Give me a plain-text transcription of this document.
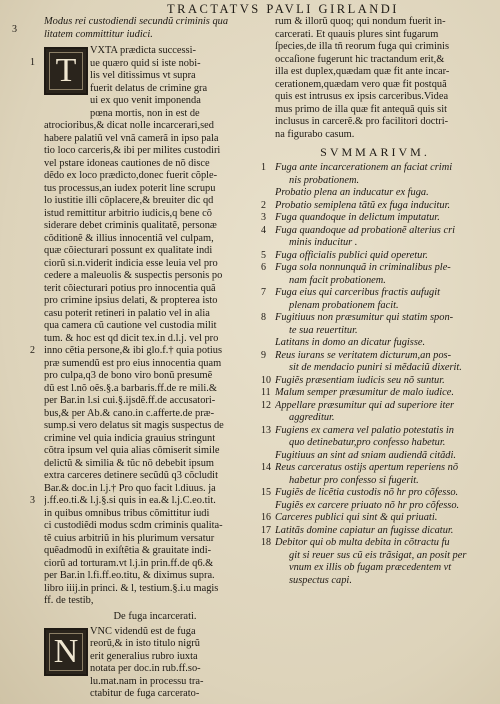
TRACTATVS PAVLI GIRLANDI
3
Modus rei custodiendi secundũ criminis qua
litatem committitur iudici.
T
1
VXTA prædicta successi-
ue quæro quid si iste nobi-
lis vel ditissimus vt supra
fuerit delatus de crimine gra
ui ex quo venit imponenda
pœna mortis, non in est de
atrocioribus,& dicat nolle incarcerari,sed
habere palatiũ vel vnã camerã in ipso pala
tio loco carceris,& ibi per milites custodiri
vel pstare idoneas cautiones de nõ disce
dẽdo ex loco prædicto,donec fuerit cõple-
tus processus,an iudex poterit line scrupu
lo iustitie illi cõplacere,& breuiter dic qd
istud remittitur arbitrio iudicis,q bene cõ
siderare debet criminis qualitatẽ, personæ
cõditionẽ & illius innocentiã vel culpam,
quæ cõiecturari possunt ex qualitate indi
ciorũ si.n.viderit indicia esse leuia vel pro
cedere a maleuolis & suspectis personis po
terit cõiecturari potius pro innocentia quã
pro crimine ipsius delati, & propterea isto
casu poterit retineri in palatio vel in alia
qua camera cũ cautione vel custodia milit
tum. & hoc est qd dicit tex.in d.l.j. vel pro
inno cẽtia persone,& ibi glo.f.† quia potius
præ sumendũ est pro eius innocentia quam
pro culpa,q3 de bono viro bonũ presumẽ
dũ est l.nõ oẽs.§.a barbaris.ff.de re mili.&
per Bar.in l.si cui.§.ijsdẽ.ff.de accusatori-
bus,& per Ab.& cano.in c.afferte.de præ-
sump.si vero delatus sit magis suspectus de
crimine vel quia indicia grauius stringunt
cõtra ipsum vel quia alias cõmiserit simile
delictũ & similia & tũc nõ debebit ipsum
extra carceres detinere secũdũ q3 cõcludit
Bar.& doc.in l.j.† Pro quo facit l.diuus. ja
j.ff.eo.ti.& l.j.§.si quis in ea.& l.j.C.eo.tit.
in quibus omnibus tribus cõmittitur iudi
ci custodiẽdi modus scdm criminis qualita-
tẽ cuius arbitriũ in his plurimum versatur
quẽadmodũ in exiſtẽtia & grauitate indi-
ciorũ ad torturam.vt l.j.in prin.ff.de q6.&
per Bar.in l.fi.ff.eo.titu, & diximus supra.
libro iiij.in princi. & l, testium.§.i.u magis
ff. de testib,
2
3
De fuga incarcerati.
N
VNC videndũ est de fuga
reorũ,& in isto titulo nigrũ
erit generalius rubro iuxta
notata per doc.in rub.ff.so-
lu.mat.nam in processu tra-
ctabitur de fuga carcerato-
rum & illorũ quoq; qui nondum fuerit in-
carcerati. Et quauis plures sint fugarum
ſpecies,de illa tñ reorum fuga qui criminis
occaſione fugerunt hic tractandum erit,&
illa est duplex,quædam quæ fit ante incar-
cerationem,quædam vero quæ fit postquã
quis est intrusus ex ipsis carceribus.Videa
mus primo de illa quæ fit antequã quis sit
inclusus in carcerẽ.& pro facilitori doctri-
na figurabo casum.
SVMMARIVM.
1 Fuga ante incarcerationem an faciat crimi
nis probationem.
Probatio plena an inducatur ex fuga.
2 Probatio semiplena tãtũ ex fuga inducitur.
3 Fuga quandoque in delictum imputatur.
4 Fuga quandoque ad probationẽ alterius cri
minis inducitur .
5 Fuga officialis publici quid operetur.
6 Fuga sola nonnunquã in criminalibus ple-
nam facit probationem.
7 Fuga eius qui carceribus fractis aufugit
plenam probationem facit.
8 Fugitiuus non præsumitur qui statim spon-
te sua reuertitur.
Latitans in domo an dicatur fugisse.
9 Reus iurans se veritatem dicturum,an pos-
sit de mendacio puniri si mẽdaciũ dixerit.
10 Fugiẽs præsentiam iudicis seu nõ suntur.
11 Malum semper præsumitur de malo iudice.
12 Appellare præsumitur qui ad superiore iter
aggreditur.
13 Fugiens ex camera vel palatio potestatis in
quo detinebatur,pro confesso habetur.
Fugitiuus an sint ad sniam audiendã citãdi.
14 Reus carceratus ostijs apertum reperiens nõ
habetur pro confesso si fugerit.
15 Fugiẽs de licẽtia custodis nõ hr pro cõfesso.
Fugiẽs ex carcere priuato nõ hr pro cõfesso.
16 Carceres publici qui sint & qui priuati.
17 Latitãs domine capiatur an fugisse dicatur.
18 Debitor qui ob multa debita in cõtractu fu
git si reuer sus cũ eis trãsigat, an posit per
vnum ex illis ob fugam præcedentem vt
suspectus capi.
